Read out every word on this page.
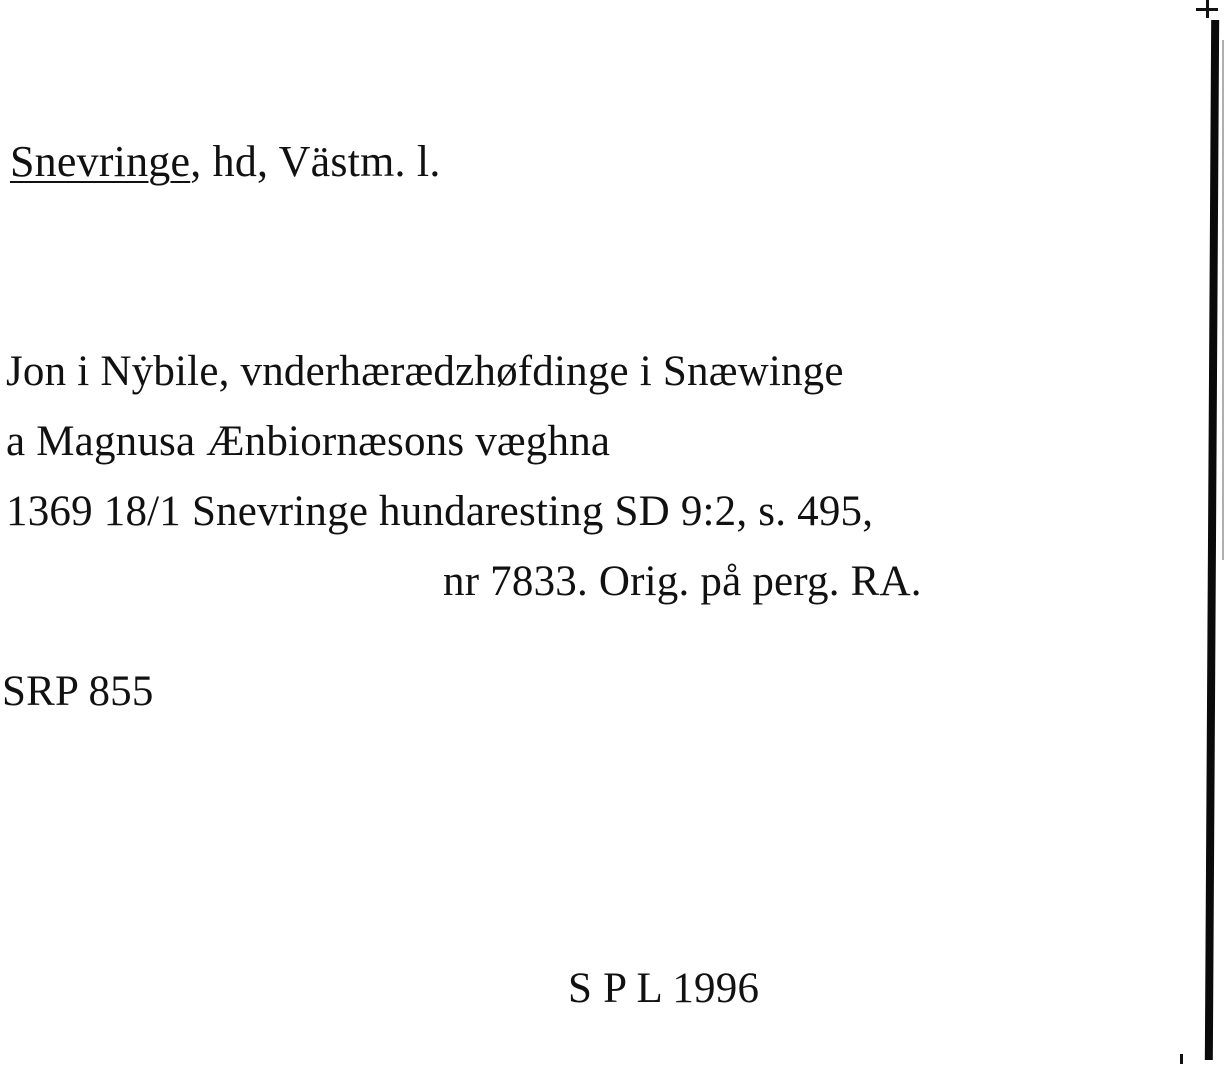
Snevringe, hd, Västm. l.
Jon i Nẏbile, vnderhærædzhøfdinge i Snæwinge
a Magnusa Ænbiornæsons væghna
1369 18/1 Snevringe hundaresting SD 9:2, s. 495,
nr 7833. Orig. på perg. RA.
SRP 855
S P L 1996
